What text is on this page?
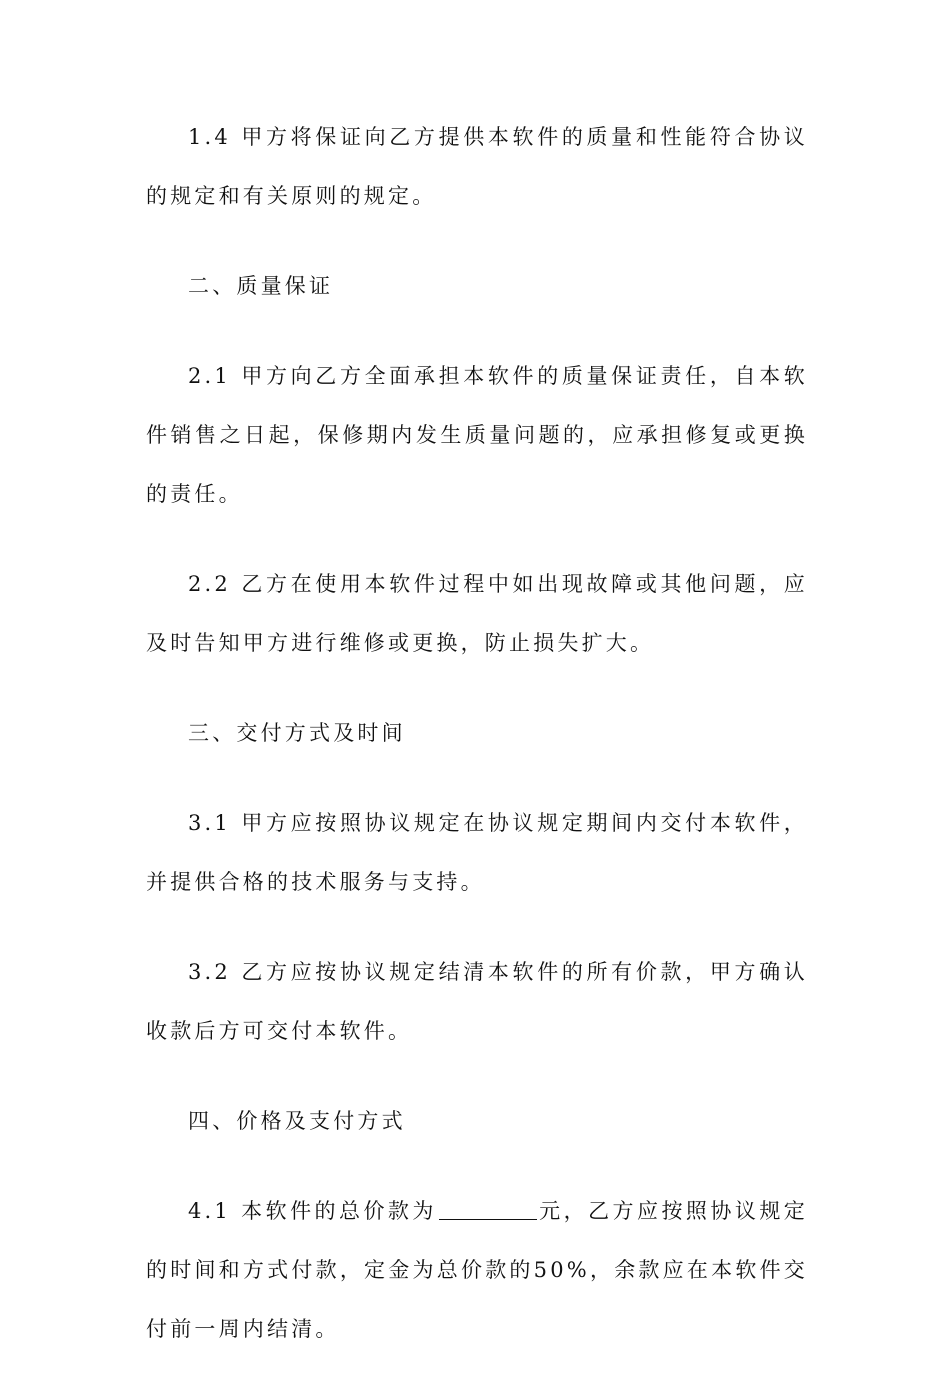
1.4 甲方将保证向乙方提供本软件的质量和性能符合协议的规定和有关原则的规定。

二、质量保证

2.1 甲方向乙方全面承担本软件的质量保证责任，自本软件销售之日起，保修期内发生质量问题的，应承担修复或更换的责任。

2.2 乙方在使用本软件过程中如出现故障或其他问题，应及时告知甲方进行维修或更换，防止损失扩大。

三、交付方式及时间

3.1 甲方应按照协议规定在协议规定期间内交付本软件，并提供合格的技术服务与支持。

3.2 乙方应按协议规定结清本软件的所有价款，甲方确认收款后方可交付本软件。

四、价格及支付方式

4.1 本软件的总价款为	元，乙方应按照协议规定的时间和方式付款，定金为总价款的50%，余款应在本软件交付前一周内结清。
